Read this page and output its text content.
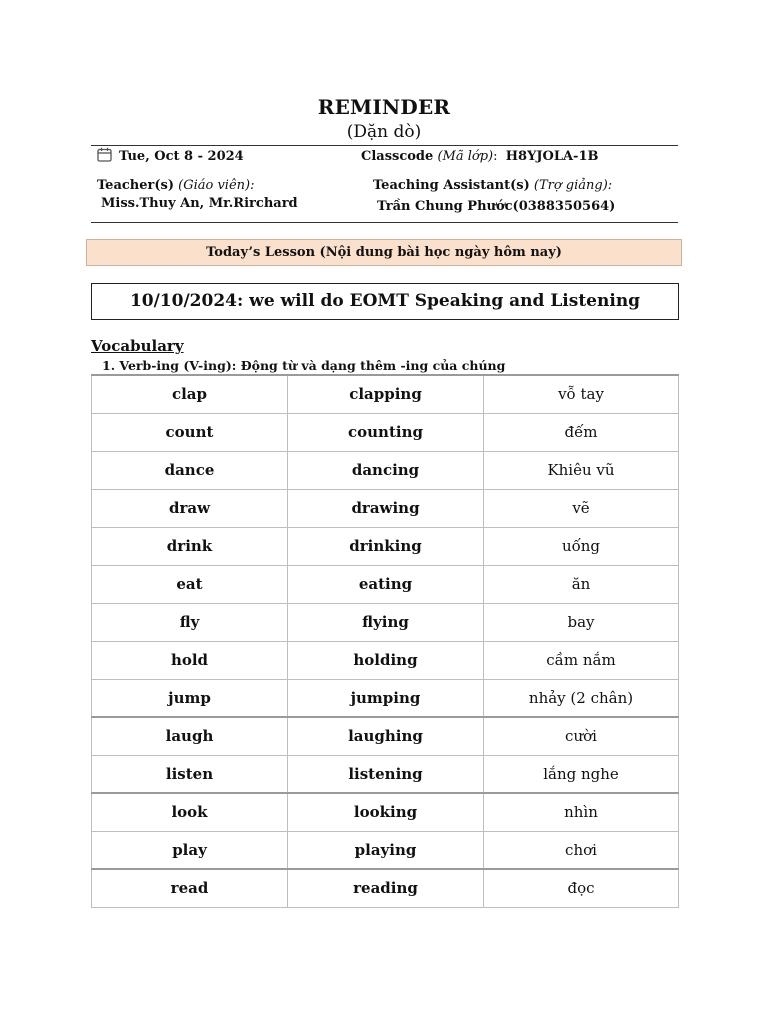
REMINDER
(Dặn dò)
Tue, Oct 8 - 2024	Classcode (Mã lớp): H8YJOLA-1B
Teacher(s) (Giáo viên):
Miss.Thuy An, Mr.Rirchard
Teaching Assistant(s) (Trợ giảng):
Trần Chung Phước(0388350564)
Today’s Lesson (Nội dung bài học ngày hôm nay)
10/10/2024: we will do EOMT Speaking and Listening
Vocabulary
1. Verb-ing (V-ing): Động từ và dạng thêm -ing của chúng
clap	clapping	vỗ tay
count	counting	đếm
dance	dancing	Khiêu vũ
draw	drawing	vẽ
drink	drinking	uống
eat	eating	ăn
fly	flying	bay
hold	holding	cầm nắm
jump	jumping	nhảy (2 chân)
laugh	laughing	cười
listen	listening	lắng nghe
look	looking	nhìn
play	playing	chơi
read	reading	đọc
